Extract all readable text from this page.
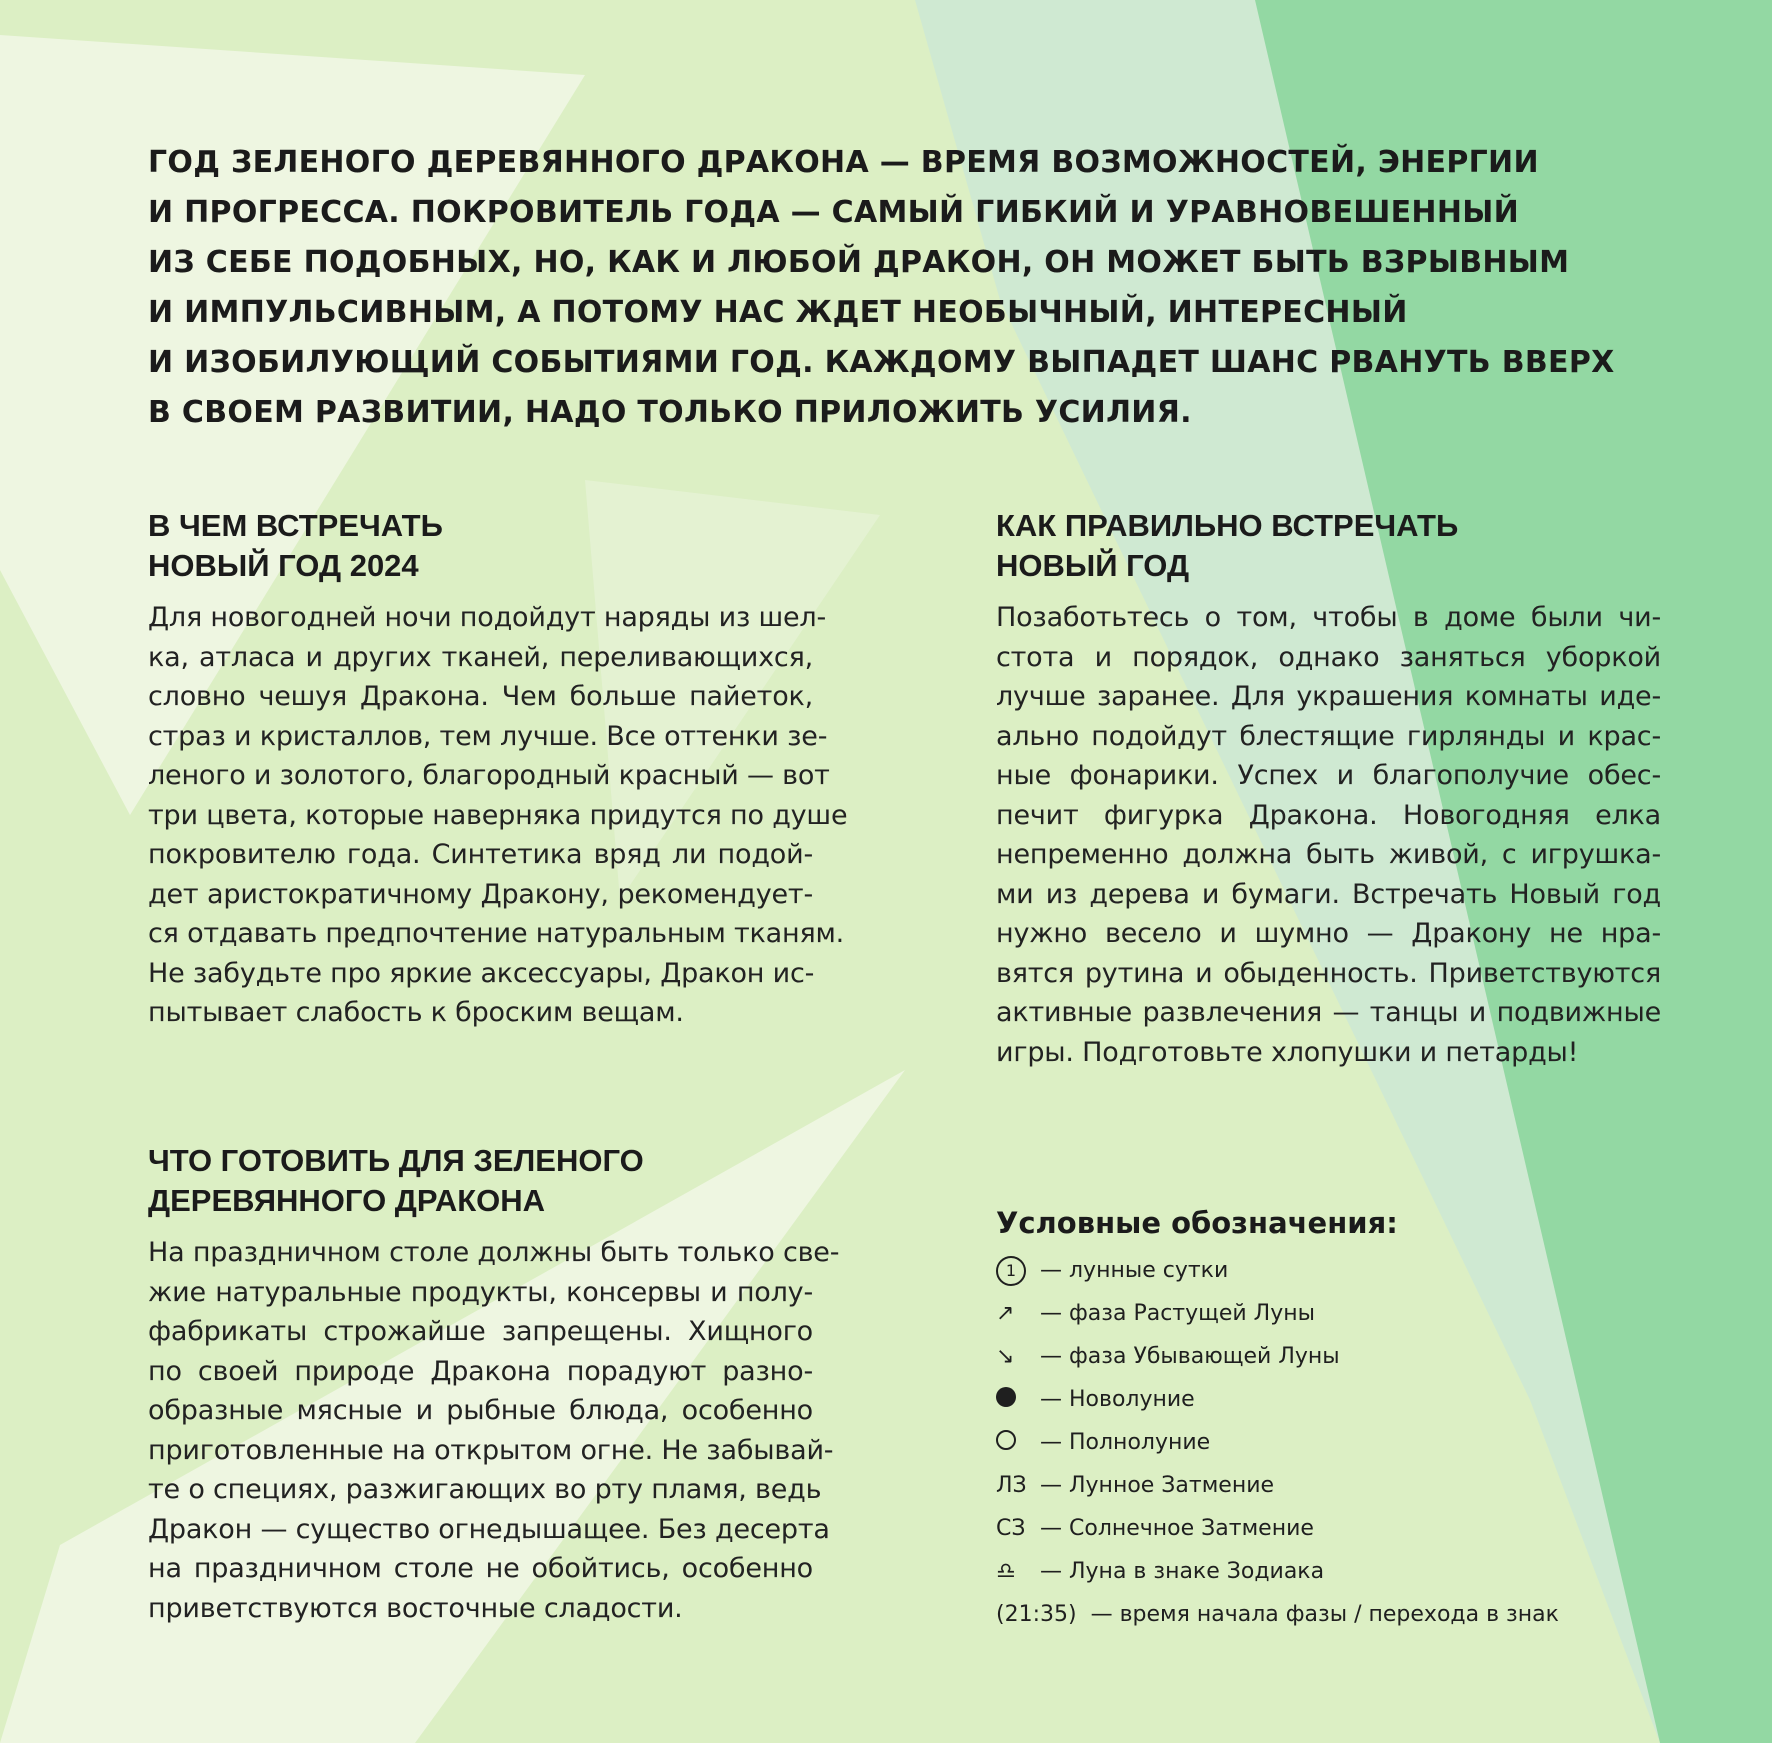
ГОД ЗЕЛЕНОГО ДЕРЕВЯННОГО ДРАКОНА — ВРЕМЯ ВОЗМОЖНОСТЕЙ, ЭНЕРГИИ
И ПРОГРЕССА. ПОКРОВИТЕЛЬ ГОДА — САМЫЙ ГИБКИЙ И УРАВНОВЕШЕННЫЙ
ИЗ СЕБЕ ПОДОБНЫХ, НО, КАК И ЛЮБОЙ ДРАКОН, ОН МОЖЕТ БЫТЬ ВЗРЫВНЫМ
И ИМПУЛЬСИВНЫМ, А ПОТОМУ НАС ЖДЕТ НЕОБЫЧНЫЙ, ИНТЕРЕСНЫЙ
И ИЗОБИЛУЮЩИЙ СОБЫТИЯМИ ГОД. КАЖДОМУ ВЫПАДЕТ ШАНС РВАНУТЬ ВВЕРХ
В СВОЕМ РАЗВИТИИ, НАДО ТОЛЬКО ПРИЛОЖИТЬ УСИЛИЯ.
В ЧЕМ ВСТРЕЧАТЬ
НОВЫЙ ГОД 2024

Для новогодней ночи подойдут наряды из шел-
ка, атласа и других тканей, переливающихся,
словно чешуя Дракона. Чем больше пайеток,
страз и кристаллов, тем лучше. Все оттенки зе-
леного и золотого, благородный красный — вот
три цвета, которые наверняка придутся по душе
покровителю года. Синтетика вряд ли подой-
дет аристократичному Дракону, рекомендует-
ся отдавать предпочтение натуральным тканям.
Не забудьте про яркие аксессуары, Дракон ис-
пытывает слабость к броским вещам.

КАК ПРАВИЛЬНО ВСТРЕЧАТЬ
НОВЫЙ ГОД

Позаботьтесь о том, чтобы в доме были чи-
стота и порядок, однако заняться уборкой
лучше заранее. Для украшения комнаты иде-
ально подойдут блестящие гирлянды и крас-
ные фонарики. Успех и благополучие обес-
печит фигурка Дракона. Новогодняя елка
непременно должна быть живой, с игрушка-
ми из дерева и бумаги. Встречать Новый год
нужно весело и шумно — Дракону не нра-
вятся рутина и обыденность. Приветствуются
активные развлечения — танцы и подвижные
игры. Подготовьте хлопушки и петарды!

ЧТО ГОТОВИТЬ ДЛЯ ЗЕЛЕНОГО
ДЕРЕВЯННОГО ДРАКОНА

На праздничном столе должны быть только све-
жие натуральные продукты, консервы и полу-
фабрикаты строжайше запрещены. Хищного
по своей природе Дракона порадуют разно-
образные мясные и рыбные блюда, особенно
приготовленные на открытом огне. Не забывай-
те о специях, разжигающих во рту пламя, ведь
Дракон — существо огнедышащее. Без десерта
на праздничном столе не обойтись, особенно
приветствуются восточные сладости.

Условные обозначения:
1	— лунные сутки
↗	— фаза Растущей Луны
↘	— фаза Убывающей Луны
— Новолуние
— Полнолуние
ЛЗ — Лунное Затмение
СЗ — Солнечное Затмение
♎	— Луна в знаке Зодиака
(21:35) — время начала фазы / перехода в знак
